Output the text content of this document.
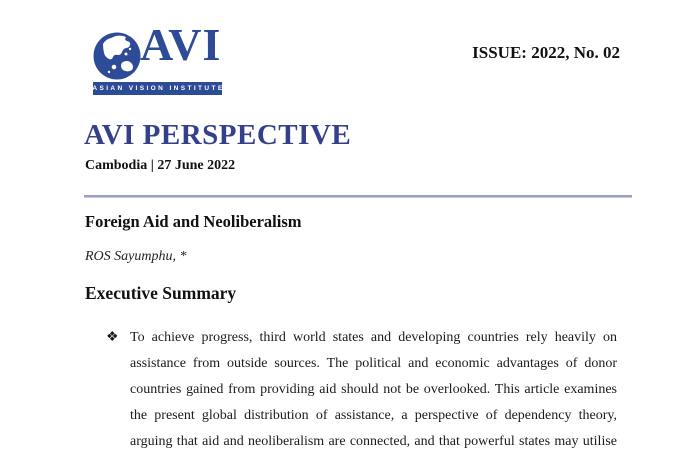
AVI
ASIAN VISION INSTITUTE
ISSUE: 2022, No. 02
AVI PERSPECTIVE
Cambodia | 27 June 2022
Foreign Aid and Neoliberalism
ROS Sayumphu, *
Executive Summary
❖ To achieve progress, third world states and developing countries rely heavily on
assistance from outside sources. The political and economic advantages of donor
countries gained from providing aid should not be overlooked. This article examines
the present global distribution of assistance, a perspective of dependency theory,
arguing that aid and neoliberalism are connected, and that powerful states may utilise
